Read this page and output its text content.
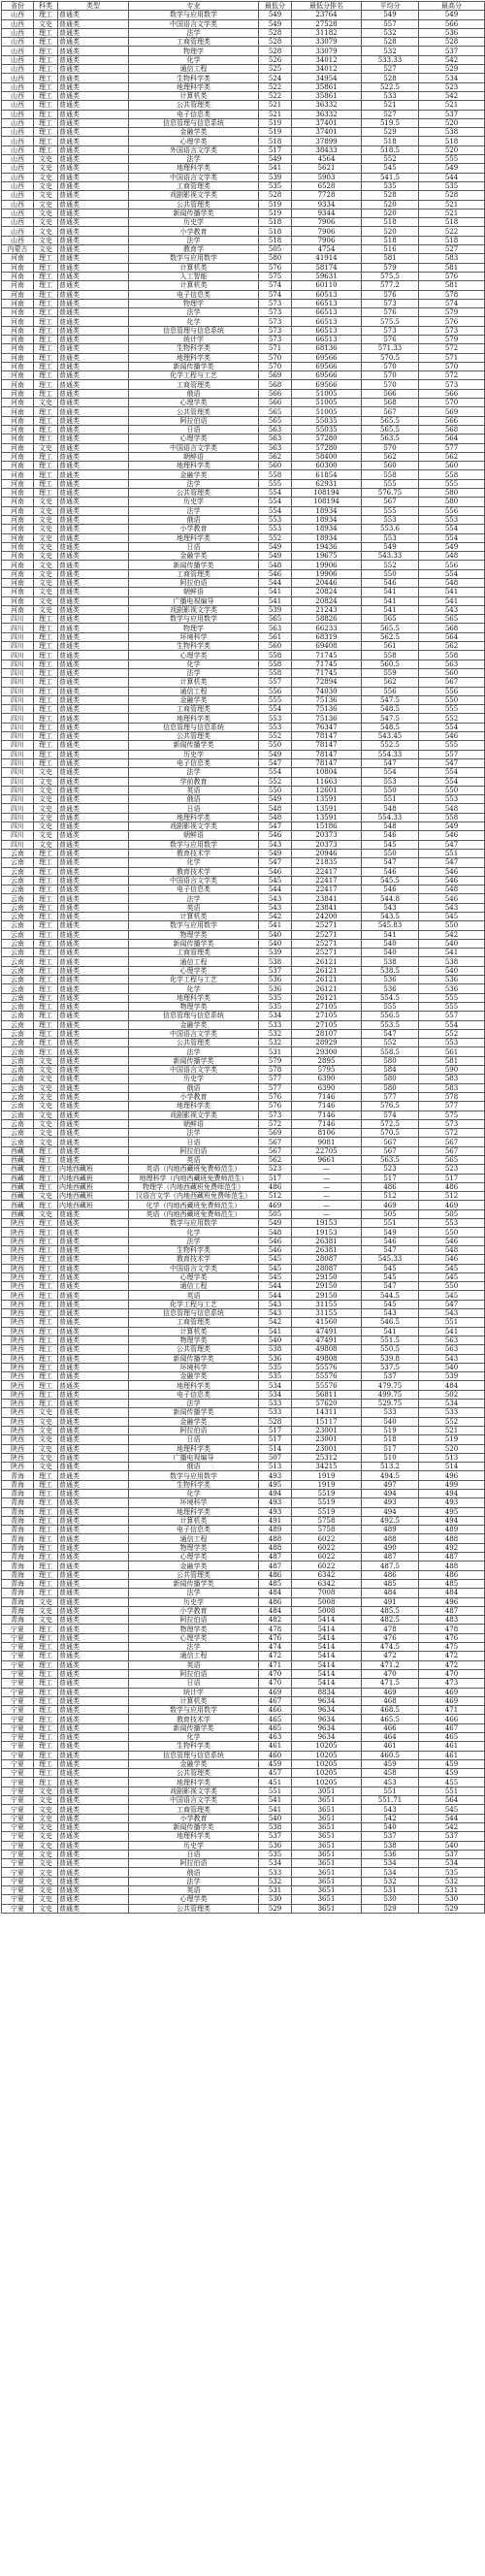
省份	科类	类型	专业	最低分	最低分排名	平均分	最高分
山西	理工	普通类	数学与应用数学	549	23764	549	549
山西	文史	普通类	中国语言文学类	549	27528	557	566
山西	理工	普通类	法学	528	31182	532	536
山西	理工	普通类	工商管理类	528	33079	528	528
山西	理工	普通类	物理学	528	33079	532	537
山西	理工	普通类	化学	526	34012	533.33	542
山西	理工	普通类	通信工程	525	34012	527	529
山西	理工	普通类	生物科学类	524	34954	528	534
山西	理工	普通类	地理科学类	522	35861	522.5	523
山西	理工	普通类	计算机类	522	35861	533	542
山西	理工	普通类	公共管理类	521	36332	521	521
山西	理工	普通类	电子信息类	521	36332	527	537
山西	理工	普通类	信息管理与信息系统	519	37401	519.5	520
山西	理工	普通类	金融学类	519	37401	529	538
山西	理工	普通类	心理学类	518	37899	518	518
山西	理工	普通类	外国语言文学类	517	38433	518.5	520
山西	文史	普通类	法学	549	4564	552	555
山西	文史	普通类	地理科学类	541	5621	545	549
山西	文史	普通类	中国语言文学类	539	5903	541.5	544
山西	文史	普通类	工商管理类	535	6528	535	535
山西	文史	普通类	戏剧影视文学类	528	7728	528	528
山西	文史	普通类	公共管理类	519	9334	520	521
山西	文史	普通类	新闻传播学类	519	9344	520	521
山西	文史	普通类	历史学	518	7906	518	518
山西	文史	普通类	小学教育	518	7906	520	522
山西	文史	普通类	法学	518	7906	518	518
内蒙古	文史	普通类	教育学	505	4754	516	527
河南	理工	普通类	数学与应用数学	580	41914	581	583
河南	理工	普通类	计算机类	576	58174	579	581
河南	理工	普通类	人工智能	575	59631	575.5	576
河南	理工	普通类	计算机类	574	60110	577.2	581
河南	理工	普通类	电子信息类	574	60513	576	578
河南	理工	普通类	物理学	573	66513	573	574
河南	理工	普通类	法学	573	66513	576	579
河南	理工	普通类	化学	573	66513	575.5	576
河南	理工	普通类	信息管理与信息系统	573	66513	573	573
河南	理工	普通类	统计学	573	66513	576	579
河南	理工	普通类	生物科学类	571	68136	571.33	572
河南	理工	普通类	地理科学类	570	69566	570.5	571
河南	理工	普通类	新闻传播学类	570	69566	570	570
河南	理工	普通类	化学工程与工艺	569	69566	570	572
河南	理工	普通类	工商管理类	568	69566	570	573
河南	理工	普通类	俄语	566	51005	566	566
河南	文史	普通类	心理学类	566	51005	568	570
河南	理工	普通类	公共管理类	565	51005	567	569
河南	理工	普通类	阿拉伯语	565	55035	565.5	566
河南	理工	普通类	日语	563	55035	565.5	568
河南	理工	普通类	心理学类	563	57280	563.5	564
河南	文史	普通类	中国语言文学类	563	57280	570	577
河南	理工	普通类	朝鲜语	562	58400	562	562
河南	理工	普通类	地理科学类	560	60300	560	560
河南	理工	普通类	金融学类	558	61854	558	558
河南	理工	普通类	法学	555	62931	555	555
河南	理工	普通类	公共管理类	554	108194	576.75	580
河南	文史	普通类	历史学	554	108194	567	580
河南	文史	普通类	法学	554	18934	555	556
河南	文史	普通类	俄语	553	18934	553	553
河南	文史	普通类	小学教育	553	18934	553.6	554
河南	文史	普通类	地理科学类	552	18934	553	554
河南	文史	普通类	日语	549	19436	549	549
河南	文史	普通类	金融学类	549	19675	543.33	548
河南	文史	普通类	新闻传播学类	548	19906	552	556
河南	文史	普通类	工商管理类	546	19906	550	554
河南	文史	普通类	阿拉伯语	544	20446	546	548
河南	文史	普通类	朝鲜语	541	20824	541	541
河南	文史	普通类	广播电视编导	541	20824	541	541
河南	文史	普通类	戏剧影视文学类	539	21243	541	543
四川	理工	普通类	数学与应用数学	565	58826	565	565
四川	理工	普通类	物理学	563	66233	565.5	568
四川	理工	普通类	环境科学	561	68319	562.5	564
四川	理工	普通类	生物科学类	560	69408	561	562
四川	理工	普通类	心理学类	558	71745	558	558
四川	理工	普通类	化学	558	71745	560.5	563
四川	理工	普通类	法学	558	71745	559	560
四川	理工	普通类	计算机类	557	72894	562	567
四川	理工	普通类	通信工程	556	74030	556	556
四川	理工	普通类	金融学类	555	75136	547.5	550
四川	理工	普通类	工商管理类	554	75136	548.5	555
四川	理工	普通类	地理科学类	553	75136	547.5	552
四川	理工	普通类	信息管理与信息系统	553	76347	548.5	554
四川	理工	普通类	公共管理类	552	78147	543.45	546
四川	理工	普通类	新闻传播学类	550	78147	552.5	555
四川	理工	普通类	历史学	549	78147	554.33	557
四川	理工	普通类	电子信息类	547	78147	547	547
四川	文史	普通类	法学	554	10804	554	554
四川	文史	普通类	学前教育	552	11663	553	554
四川	文史	普通类	英语	550	12601	550	550
四川	文史	普通类	俄语	549	13591	551	553
四川	文史	普通类	日语	548	13591	548	548
四川	文史	普通类	地理科学类	548	13591	554.33	558
四川	文史	普通类	戏剧影视文学类	547	15186	548	549
四川	文史	普通类	朝鲜语	546	20373	546	546
四川	文史	普通类	数学与应用数学	543	20373	545	547
云南	理工	普通类	教育技术学	549	20946	550	551
云南	理工	普通类	化学	547	21835	547	547
云南	理工	普通类	教育技术学	546	22417	546	546
云南	理工	普通类	中国语言文学类	545	22417	545.5	546
云南	理工	普通类	电子信息类	544	22417	546	548
云南	理工	普通类	法学	543	23841	544.8	546
云南	理工	普通类	英语	543	23841	543	543
云南	理工	普通类	计算机类	542	24200	543.5	545
云南	理工	普通类	数学与应用数学	541	25271	545.83	550
云南	理工	普通类	物理学类	540	25271	541	542
云南	理工	普通类	新闻传播学类	540	25271	540	540
云南	理工	普通类	工商管理类	539	25271	540	541
云南	理工	普通类	通信工程	538	26121	538	538
云南	理工	普通类	心理学类	537	26121	538.5	540
云南	理工	普通类	化学工程与工艺	536	26121	536	536
云南	理工	普通类	化学	536	26121	536	536
云南	理工	普通类	地理科学类	535	26121	554.5	555
云南	理工	普通类	物理学类	535	27105	555	555
云南	理工	普通类	信息管理与信息系统	534	27105	556.5	557
云南	理工	普通类	金融学类	533	27105	553.5	554
云南	理工	普通类	中国语言文学类	532	28107	547	552
云南	理工	普通类	公共管理类	532	28929	552	553
云南	理工	普通类	法学	531	29300	558.5	561
云南	文史	普通类	新闻传播学类	579	2895	580	581
云南	文史	普通类	中国语言文学类	578	5795	584	590
云南	文史	普通类	历史学	577	6390	580	583
云南	文史	普通类	俄语	577	6390	580	583
云南	文史	普通类	小学教育	576	7146	577	578
云南	文史	普通类	地理科学类	576	7146	576.5	577
云南	文史	普通类	戏剧影视文学类	573	7146	574	575
云南	文史	普通类	朝鲜语	572	7146	572.5	573
云南	文史	普通类	法学	569	8106	570.5	572
云南	文史	普通类	日语	567	9081	567	567
西藏	理工	普通类	阿拉伯语	567	22705	567	567
西藏	理工	普通类	英语	562	9661	563.5	565
西藏	理工	内地西藏班	英语（内地西藏班免费师范生）	523	—	523	523
西藏	理工	内地西藏班	地理科学（内地西藏班免费师范生）	517	—	517	517
西藏	理工	内地西藏班	物理学（内地西藏班免费师范生）	486	—	486	486
西藏	文史	内地西藏班	汉语言文学（内地西藏班免费师范生）	512	—	512	512
西藏	理工	内地西藏班	化学（内地西藏班免费师范生）	469	—	469	469
西藏	文史	普通类	英语（内地西藏班免费师范生）	505	—	505	505
陕西	理工	普通类	数学与应用数学	549	19153	551	553
陕西	理工	普通类	化学	548	19153	549	550
陕西	理工	普通类	法学	546	26381	546	546
陕西	理工	普通类	生物科学类	546	26381	547	548
陕西	理工	普通类	教育技术学	545	28087	545.33	546
陕西	理工	普通类	中国语言文学类	545	28087	545	545
陕西	理工	普通类	心理学类	545	29150	545	545
陕西	理工	普通类	通信工程	544	29150	547	550
陕西	理工	普通类	英语	544	29150	544.5	545
陕西	理工	普通类	化学工程与工艺	543	31155	545	547
陕西	理工	普通类	信息管理与信息系统	543	31155	543	543
陕西	理工	普通类	工商管理类	542	41560	546.5	551
陕西	理工	普通类	计算机类	541	47491	541	541
陕西	理工	普通类	物理学类	540	47491	551.5	563
陕西	理工	普通类	公共管理类	538	49808	550.5	563
陕西	理工	普通类	新闻传播学类	536	49808	539.8	543
陕西	理工	普通类	环境科学	535	55576	537.5	540
陕西	理工	普通类	金融学类	535	55576	537	539
陕西	理工	普通类	地理科学类	534	55576	479.75	484
陕西	理工	普通类	电子信息类	534	56811	499.75	502
陕西	理工	普通类	法学	533	57620	529.75	534
陕西	文史	普通类	新闻传播学类	533	14311	533	533
陕西	文史	普通类	金融学类	528	15117	540	552
陕西	文史	普通类	阿拉伯语	517	23001	519	521
陕西	文史	普通类	日语	517	23001	518	519
陕西	文史	普通类	地理科学类	514	23001	517	520
陕西	文史	普通类	广播电视编导	507	25312	510	513
陕西	文史	普通类	俄语	513	34215	513.2	514
青海	理工	普通类	数学与应用数学	493	1919	494.5	496
青海	理工	普通类	生物科学类	495	1919	497	499
青海	理工	普通类	化学	494	5519	494	494
青海	理工	普通类	环境科学	493	5519	493	493
青海	理工	普通类	地理科学类	493	5519	494	495
青海	理工	普通类	计算机类	491	5758	492.5	494
青海	理工	普通类	电子信息类	489	5758	489	489
青海	理工	普通类	通信工程	488	6022	488	488
青海	理工	普通类	物理学类	488	6022	490	492
青海	理工	普通类	心理学类	487	6022	487	487
青海	理工	普通类	金融学类	487	6022	487.5	488
青海	理工	普通类	公共管理类	486	6342	486	486
青海	理工	普通类	新闻传播学类	485	6342	485	485
青海	理工	普通类	法学	484	7008	484	484
青海	文史	普通类	历史学	486	5008	491	496
青海	文史	普通类	小学教育	484	5008	485.5	487
青海	文史	普通类	阿拉伯语	482	5414	482.5	483
宁夏	理工	普通类	物理学类	478	5414	478	478
宁夏	理工	普通类	心理学类	476	5414	476	476
宁夏	理工	普通类	法学	474	5414	474.5	475
宁夏	理工	普通类	通信工程	472	5414	472	472
宁夏	理工	普通类	英语	471	5414	471.2	472
宁夏	理工	普通类	阿拉伯语	470	5414	470	470
宁夏	理工	普通类	日语	470	5414	471.5	473
宁夏	理工	普通类	统计学	469	8834	469	469
宁夏	理工	普通类	计算机类	467	9634	468	469
宁夏	理工	普通类	数学与应用数学	466	9634	468.5	471
宁夏	理工	普通类	教育技术学	465	9634	465.5	466
宁夏	理工	普通类	新闻传播学类	465	9634	466	467
宁夏	理工	普通类	化学	463	9634	464	465
宁夏	理工	普通类	生物科学类	461	10205	461	461
宁夏	理工	普通类	信息管理与信息系统	460	10205	460.5	461
宁夏	理工	普通类	金融学类	459	10205	459	459
宁夏	理工	普通类	公共管理类	457	10205	458	459
宁夏	理工	普通类	地理科学类	451	10205	453	455
宁夏	文史	普通类	戏剧影视文学类	551	3051	551	551
宁夏	文史	普通类	中国语言文学类	541	3651	551.71	564
宁夏	文史	普通类	工商管理类	541	3651	543	545
宁夏	文史	普通类	小学教育	540	3651	542	544
宁夏	文史	普通类	新闻传播学类	538	3651	540	542
宁夏	文史	普通类	地理科学类	537	3651	537	537
宁夏	文史	普通类	历史学	536	3651	538	540
宁夏	文史	普通类	日语	535	3651	536	537
宁夏	文史	普通类	阿拉伯语	534	3651	534	534
宁夏	文史	普通类	俄语	533	3651	534	535
宁夏	文史	普通类	法学	532	3651	532	532
宁夏	文史	普通类	英语	531	3651	531	531
宁夏	文史	普通类	心理学类	530	3651	530	530
宁夏	文史	普通类	公共管理类	529	3651	529	529
